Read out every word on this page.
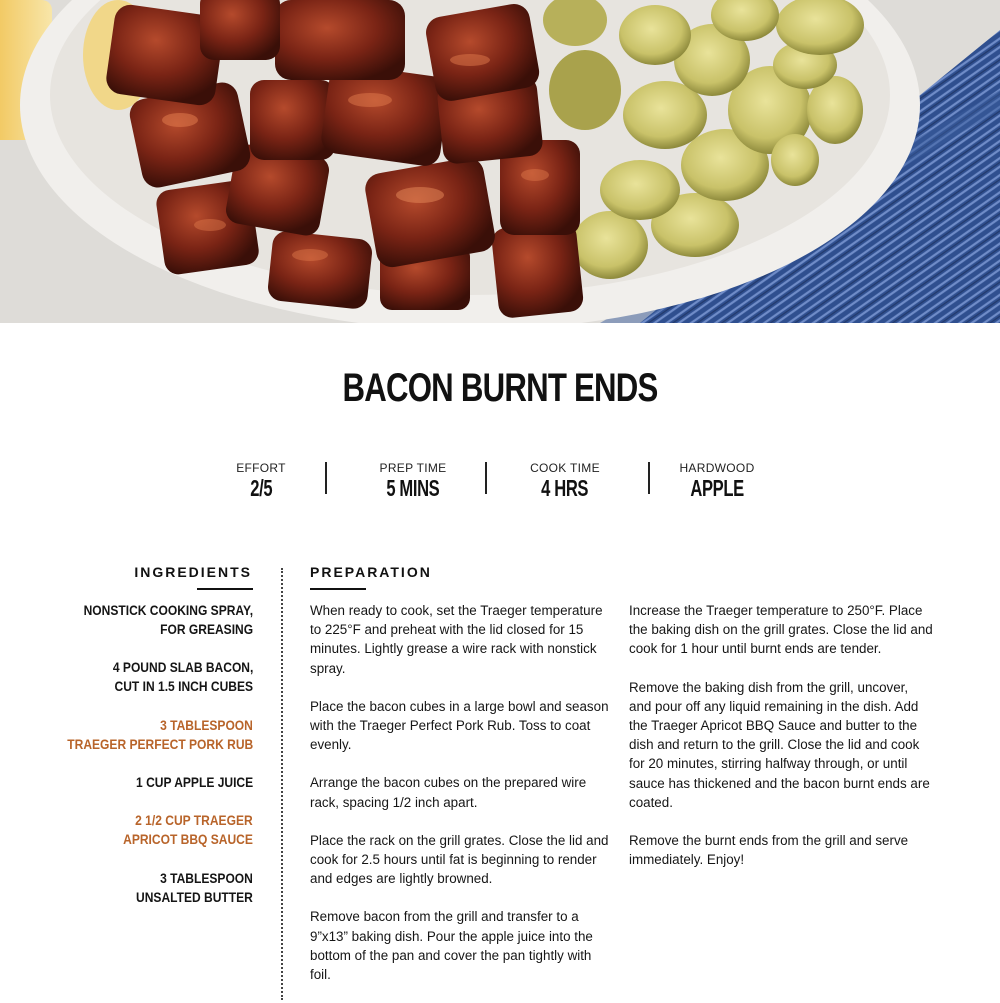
BACON BURNT ENDS
EFFORT
2/5
PREP TIME
5 MINS
COOK TIME
4 HRS
HARDWOOD
APPLE
INGREDIENTS
NONSTICK COOKING SPRAY,
FOR GREASING
4 POUND SLAB BACON,
CUT IN 1.5 INCH CUBES
3 TABLESPOON
TRAEGER PERFECT PORK RUB
1 CUP APPLE JUICE
2 1/2 CUP TRAEGER
APRICOT BBQ SAUCE
3 TABLESPOON
UNSALTED BUTTER
PREPARATION

When ready to cook, set the Traeger temperature to 225°F and preheat with the lid closed for 15 minutes. Lightly grease a wire rack with nonstick spray.

Place the bacon cubes in a large bowl and season with the Traeger Perfect Pork Rub. Toss to coat evenly.

Arrange the bacon cubes on the prepared wire rack, spacing 1/2 inch apart.

Place the rack on the grill grates. Close the lid and cook for 2.5 hours until fat is beginning to render and edges are lightly browned.

Remove bacon from the grill and transfer to a 9”x13” baking dish. Pour the apple juice into the bottom of the pan and cover the pan tightly with foil.

Increase the Traeger temperature to 250°F. Place the baking dish on the grill grates. Close the lid and cook for 1 hour until burnt ends are tender.

Remove the baking dish from the grill, uncover, and pour off any liquid remaining in the dish. Add the Traeger Apricot BBQ Sauce and butter to the dish and return to the grill. Close the lid and cook for 20 minutes, stirring halfway through, or until sauce has thickened and the bacon burnt ends are coated.

Remove the burnt ends from the grill and serve immediately. Enjoy!
